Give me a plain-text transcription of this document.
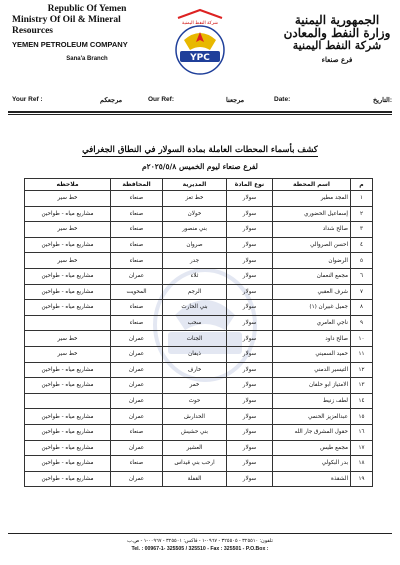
Republic Of Yemen
Ministry Of Oil & Mineral Resources
YEMEN PETROLEUM COMPANY
Sana'a Branch
شركة النفط اليمنية
YPC
الجمهورية اليمنية
وزارة النفط والمعادن
شركة النفط اليمنية
فرع صنعاء
Your Ref :	مرجعكم	Our Ref:	مرجعنا	Date:	التاريخ:
كشف بأسماء المحطات العاملة بمادة السولار في النطاق الجغرافي
لفرع صنعاء ليوم الخميس ٢٠٢٥/٥/٨م
م	اسم المحطة	نوع المادة	المديرية	المحافظة	ملاحظه
١	المجد مطير	سولار	خط تعز	صنعاء	خط سير
٢	إسماعيل الحضوري	سولار	خولان	صنعاء	مشاريع مياه - طواحين
٣	صالح شداد	سولار	بني منصور	صنعاء	خط سير
٤	احسن الصروالي	سولار	صروان	صنعاء	مشاريع مياه - طواحين
٥	الرضوان	سولار	جدر	صنعاء	خط سير
٦	مجمع النعمان	سولار	ثلاء	عمران	مشاريع مياه - طواحين
٧	شرف العقبي	سولار	الرجم	المحويت	مشاريع مياه - طواحين
٨	جميل غبيران (١)	سولار	بني الحارث	صنعاء	مشاريع مياه - طواحين
٩	ناجي العامري	سولار	سحب	صنعاء	
١٠	صالح داود	سولار	الجنات	عمران	خط سير
١١	حميد السميني	سولار	ذيفان	عمران	خط سير
١٢	التيسير الدمني	سولار	خارف	عمران	مشاريع مياه - طواحين
١٣	الامتياز ابو حلفان	سولار	خمر	عمران	مشاريع مياه - طواحين
١٤	لطف زنيط	سولار	حوث	عمران	
١٥	عبدالعزيز الحنمي	سولار	الحدارش	عمران	مشاريع مياه - طواحين
١٦	حقول المشرق جار الله	سولار	بني حشيش	صنعاء	مشاريع مياه - طواحين
١٧	مجمع طيس	سولار	العشير	عمران	مشاريع مياه - طواحين
١٨	بدر البكولي	سولار	ارحب بني قيداس	صنعاء	مشاريع مياه - طواحين
١٩	الشقذة	سولار	القفلة	عمران	مشاريع مياه - طواحين
تلفون: ٣٢٥٥١٠ - ٣٢٥٥٠٥ - ٠٩٦٧-١ - فاكس: ٣٢٥٥٠١ - ٠٠٩٦٧-١ - ص.ب
Tel. : 00967-1- 325505 / 325510 - Fax : 325501 - P.O.Box :
